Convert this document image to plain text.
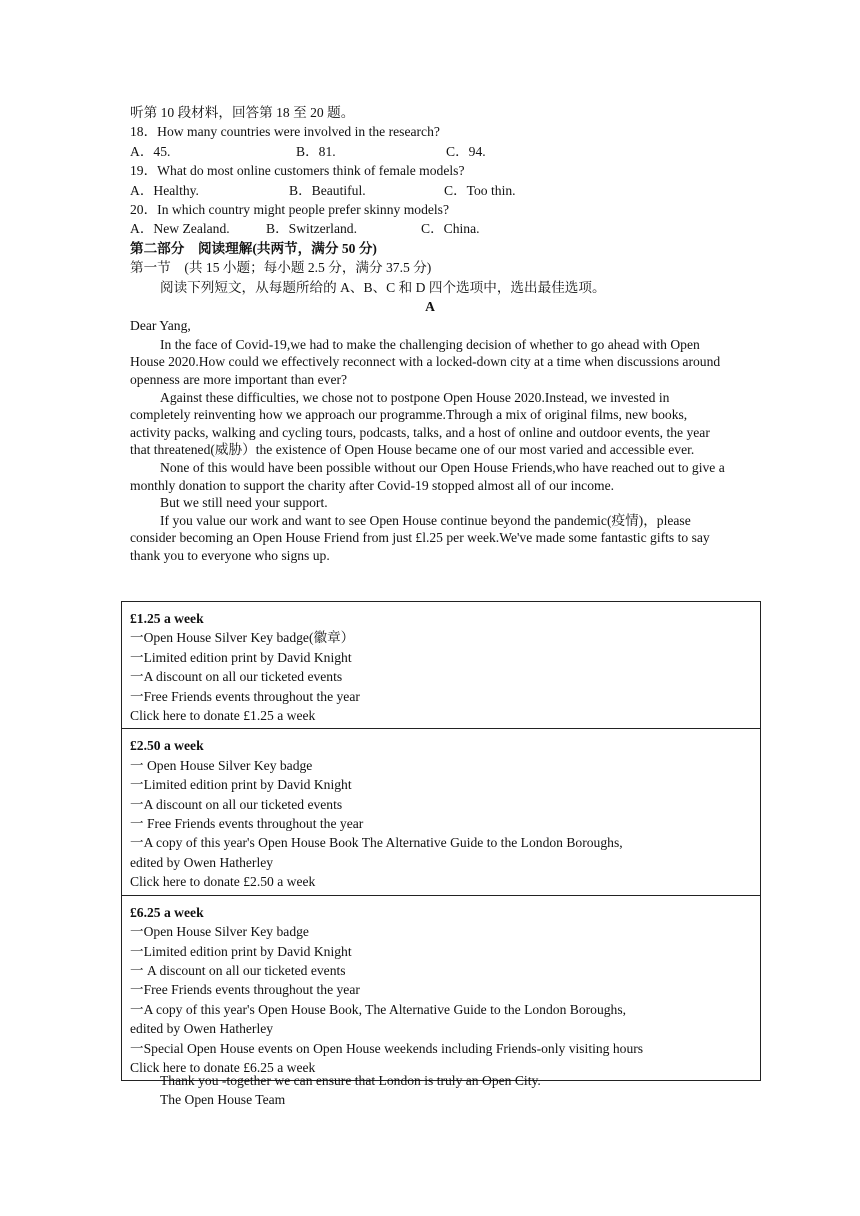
听第 10 段材料，回答第 18 至 20 题。
18．How many countries were involved in the research?
A．45.	B．81.	C．94.
19．What do most online customers think of female models?
A．Healthy.	B．Beautiful.	C．Too thin.
20．In which country might people prefer skinny models?
A．New Zealand.	B．Switzerland.	C．China.
第二部分　阅读理解(共两节，满分 50 分)
第一节　(共 15 小题；每小题 2.5 分，满分 37.5 分)
阅读下列短文，从每题所给的 A、B、C 和 D 四个选项中，选出最佳选项。
A
Dear Yang,

In the face of Covid-19,we had to make the challenging decision of whether to go ahead with Open House 2020.How could we effectively reconnect with a locked-down city at a time when discussions around openness are more important than ever?

Against these difficulties, we chose not to postpone Open House 2020.Instead, we invested in completely reinventing how we approach our programme.Through a mix of original films, new books, activity packs, walking and cycling tours, podcasts, talks, and a host of online and outdoor events, the year that threatened(威胁）the existence of Open House became one of our most varied and accessible ever.

None of this would have been possible without our Open House Friends,who have reached out to give a monthly donation to support the charity after Covid-19 stopped almost all of our income.

But we still need your support.

If you value our work and want to see Open House continue beyond the pandemic(疫情)，please consider becoming an Open House Friend from just £l.25 per week.We've made some fantastic gifts to say thank you to everyone who signs up.

£1.25 a week
一Open House Silver Key badge(徽章）
一Limited edition print by David Knight
一A discount on all our ticketed events
一Free Friends events throughout the year
Click here to donate £1.25 a week
£2.50 a week
一 Open House Silver Key badge
一Limited edition print by David Knight
一A discount on all our ticketed events
一 Free Friends events throughout the year
一A copy of this year's Open House Book The Alternative Guide to the London Boroughs,
edited by Owen Hatherley
Click here to donate £2.50 a week
£6.25 a week
一Open House Silver Key badge
一Limited edition print by David Knight
一 A discount on all our ticketed events
一Free Friends events throughout the year
一A copy of this year's Open House Book, The Alternative Guide to the London Boroughs,
edited by Owen Hatherley
一Special Open House events on Open House weekends including Friends-only visiting hours
Click here to donate £6.25 a week
Thank you -together we can ensure that London is truly an Open City.
The Open House Team
